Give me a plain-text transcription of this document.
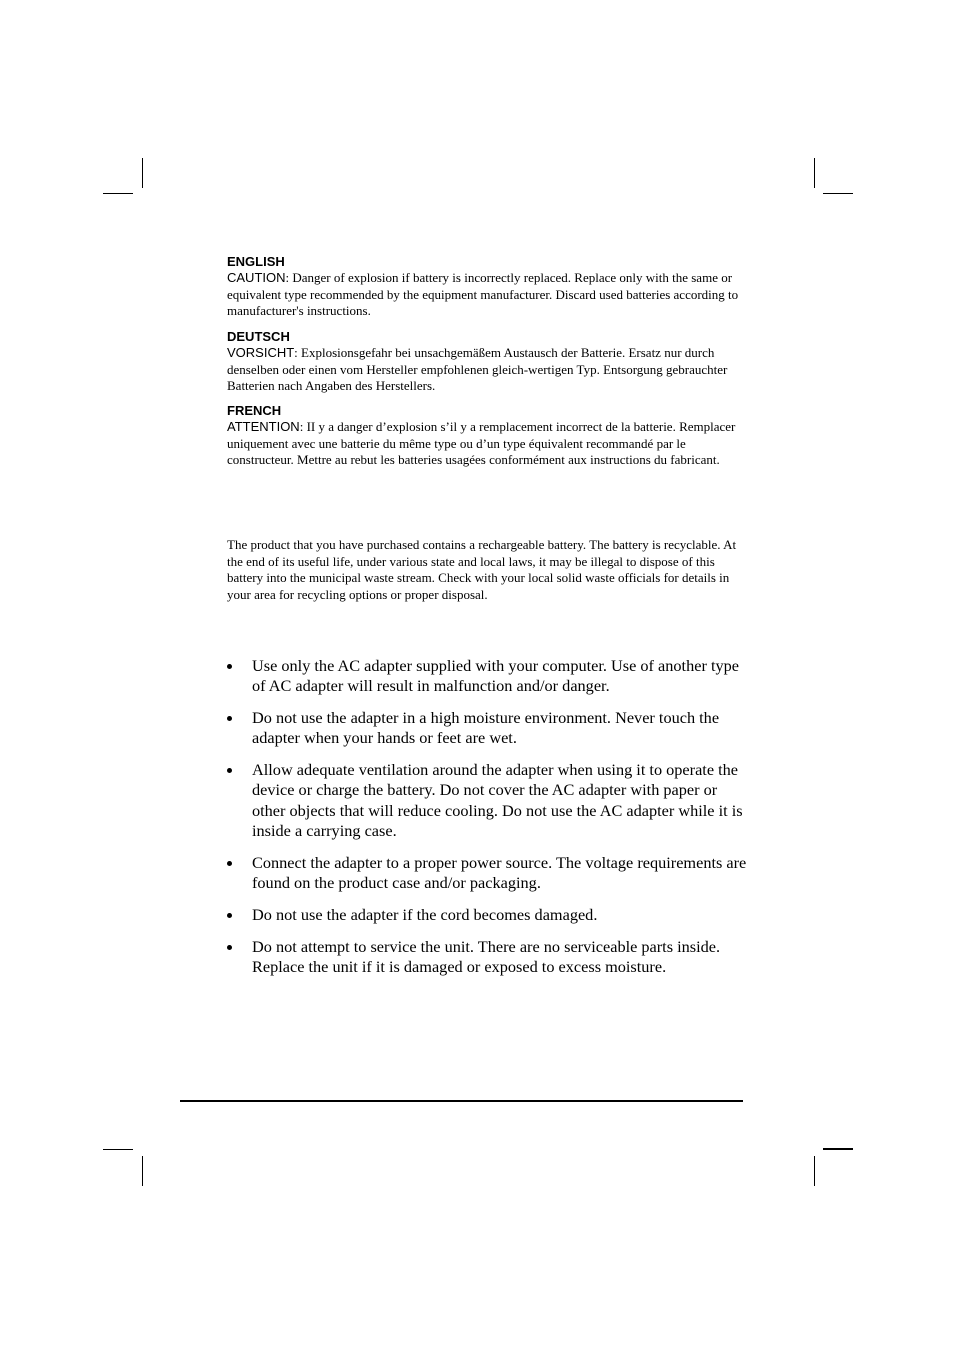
ENGLISH

CAUTION: Danger of explosion if battery is incorrectly replaced. Replace only with the same or equivalent type recommended by the equipment manufacturer. Discard used batteries according to manufacturer's instructions.

DEUTSCH

VORSICHT: Explosionsgefahr bei unsachgemäßem Austausch der Batterie. Ersatz nur durch denselben oder einen vom Hersteller empfohlenen gleich-wertigen Typ. Entsorgung gebrauchter Batterien nach Angaben des Herstellers.

FRENCH

ATTENTION: II y a danger d’explosion s’il y a remplacement incorrect de la batterie. Remplacer uniquement avec une batterie du même type ou d’un type équivalent recommandé par le constructeur. Mettre au rebut les batteries usagées conformément aux instructions du fabricant.

The product that you have purchased contains a rechargeable battery. The battery is recyclable. At the end of its useful life, under various state and local laws, it may be illegal to dispose of this battery into the municipal waste stream. Check with your local solid waste officials for details in your area for recycling options or proper disposal.

Use only the AC adapter supplied with your computer. Use of another type of AC adapter will result in malfunction and/or danger.
Do not use the adapter in a high moisture environment. Never touch the adapter when your hands or feet are wet.
Allow adequate ventilation around the adapter when using it to operate the device or charge the battery. Do not cover the AC adapter with paper or other objects that will reduce cooling. Do not use the AC adapter while it is inside a carrying case.
Connect the adapter to a proper power source. The voltage requirements are found on the product case and/or packaging.
Do not use the adapter if the cord becomes damaged.
Do not attempt to service the unit. There are no serviceable parts inside. Replace the unit if it is damaged or exposed to excess moisture.
